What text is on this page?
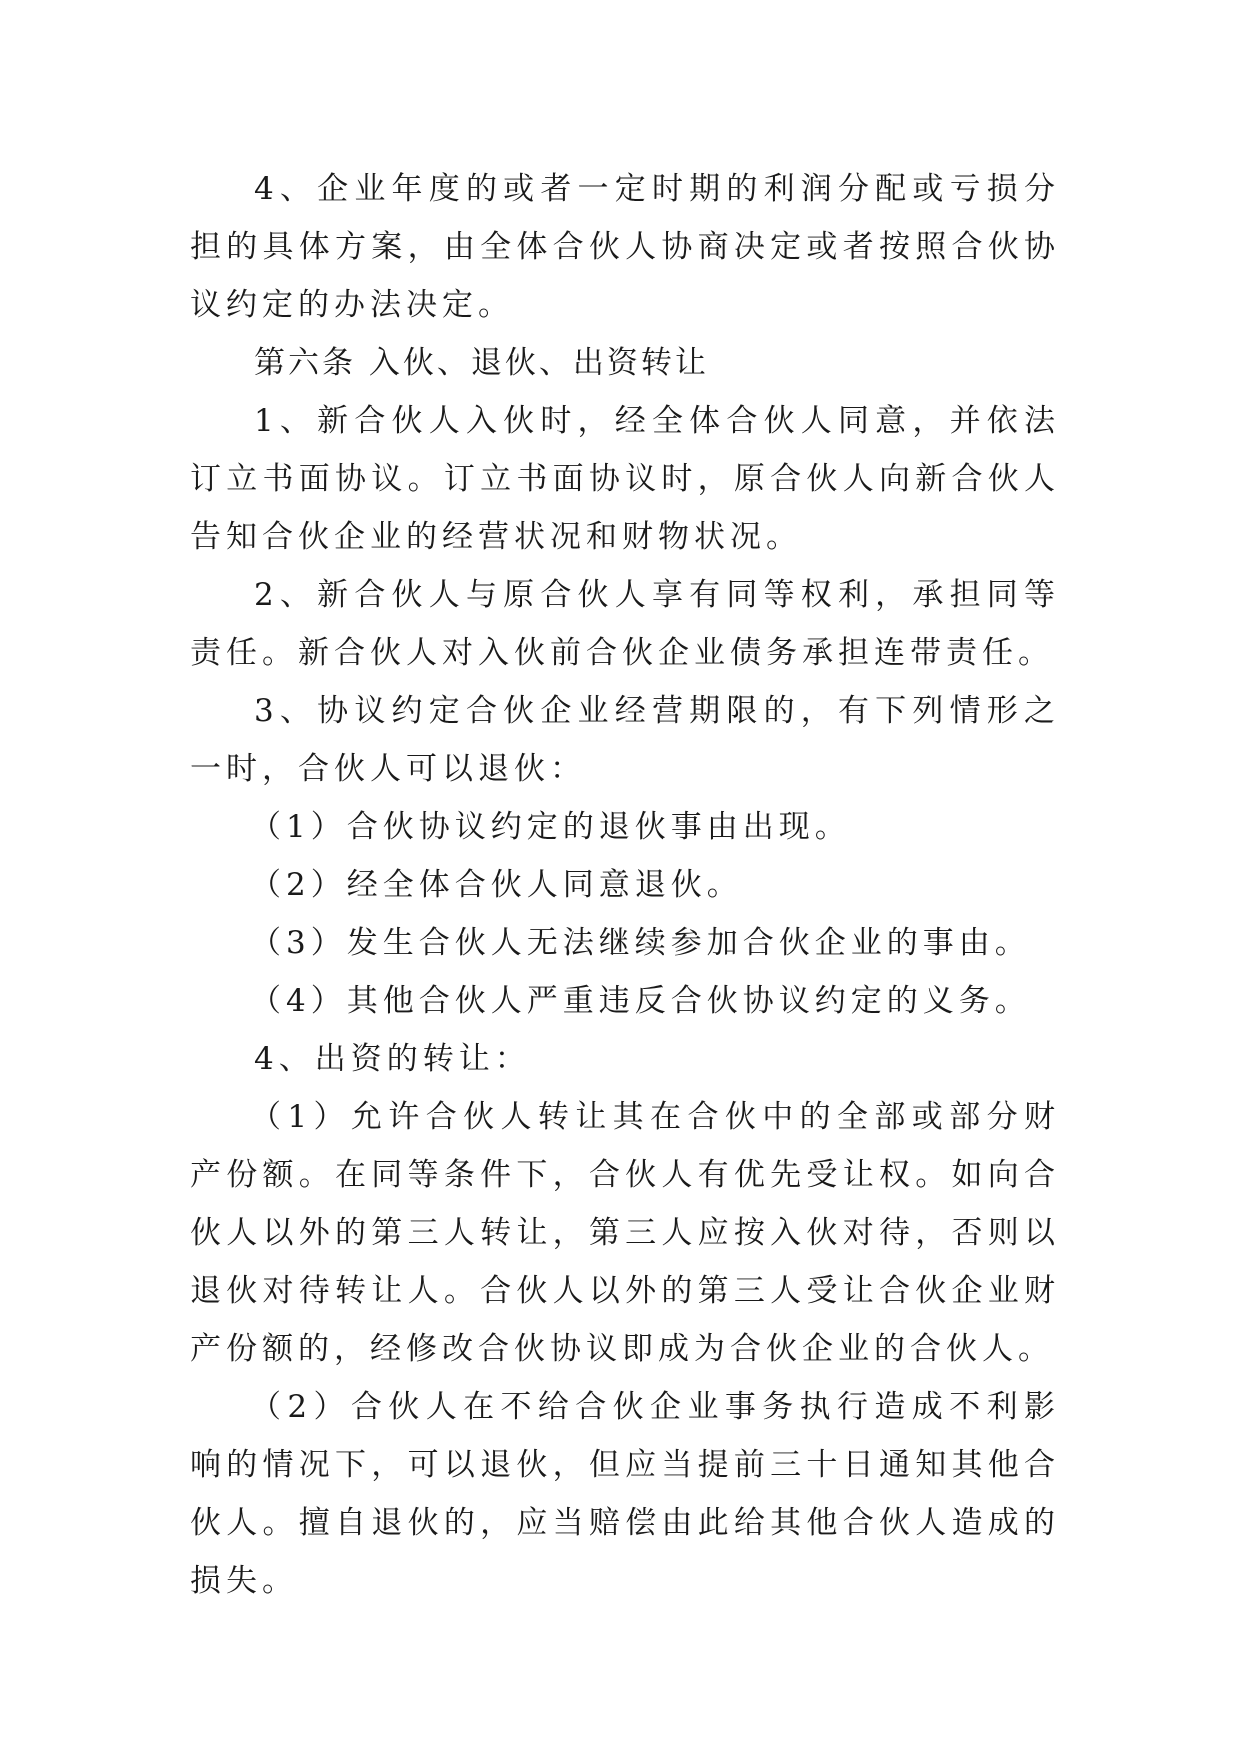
4、企业年度的或者一定时期的利润分配或亏损分担的具体方案，由全体合伙人协商决定或者按照合伙协议约定的办法决定。

第六条 入伙、退伙、出资转让

1、新合伙人入伙时，经全体合伙人同意，并依法订立书面协议。订立书面协议时，原合伙人向新合伙人告知合伙企业的经营状况和财物状况。

2、新合伙人与原合伙人享有同等权利，承担同等责任。新合伙人对入伙前合伙企业债务承担连带责任。

3、协议约定合伙企业经营期限的，有下列情形之一时，合伙人可以退伙：

（1）合伙协议约定的退伙事由出现。

（2）经全体合伙人同意退伙。

（3）发生合伙人无法继续参加合伙企业的事由。

（4）其他合伙人严重违反合伙协议约定的义务。

4、出资的转让：

（1）允许合伙人转让其在合伙中的全部或部分财产份额。在同等条件下，合伙人有优先受让权。如向合伙人以外的第三人转让，第三人应按入伙对待，否则以退伙对待转让人。合伙人以外的第三人受让合伙企业财产份额的，经修改合伙协议即成为合伙企业的合伙人。

（2）合伙人在不给合伙企业事务执行造成不利影响的情况下，可以退伙，但应当提前三十日通知其他合伙人。擅自退伙的，应当赔偿由此给其他合伙人造成的损失。
